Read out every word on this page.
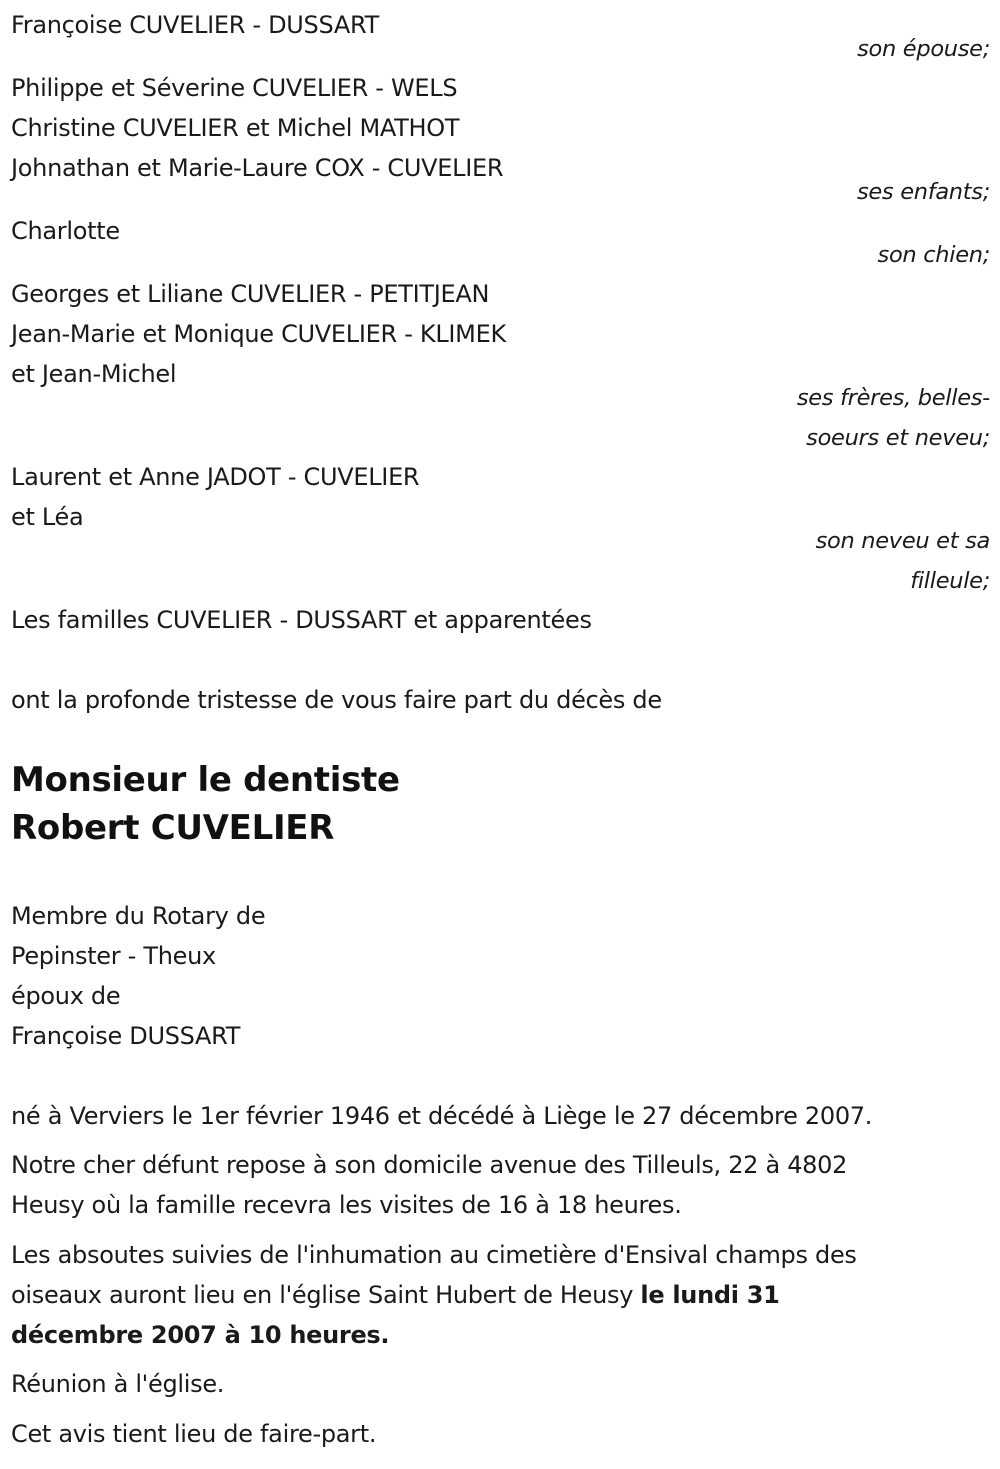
Françoise CUVELIER - DUSSART
son épouse;
Philippe et Séverine CUVELIER - WELS
Christine CUVELIER et Michel MATHOT
Johnathan et Marie-Laure COX - CUVELIER
ses enfants;
Charlotte
son chien;
Georges et Liliane CUVELIER - PETITJEAN
Jean-Marie et Monique CUVELIER - KLIMEK
et Jean-Michel
ses frères, belles-
soeurs et neveu;
Laurent et Anne JADOT - CUVELIER
et Léa
son neveu et sa
filleule;
Les familles CUVELIER - DUSSART et apparentées
ont la profonde tristesse de vous faire part du décès de
Monsieur le dentiste
Robert CUVELIER
Membre du Rotary de
Pepinster - Theux
époux de
Françoise DUSSART
né à Verviers le 1er février 1946 et décédé à Liège le 27 décembre 2007.
Notre cher défunt repose à son domicile avenue des Tilleuls, 22 à 4802
Heusy où la famille recevra les visites de 16 à 18 heures.
Les absoutes suivies de l'inhumation au cimetière d'Ensival champs des
oiseaux auront lieu en l'église Saint Hubert de Heusy le lundi 31
décembre 2007 à 10 heures.
Réunion à l'église.
Cet avis tient lieu de faire-part.
